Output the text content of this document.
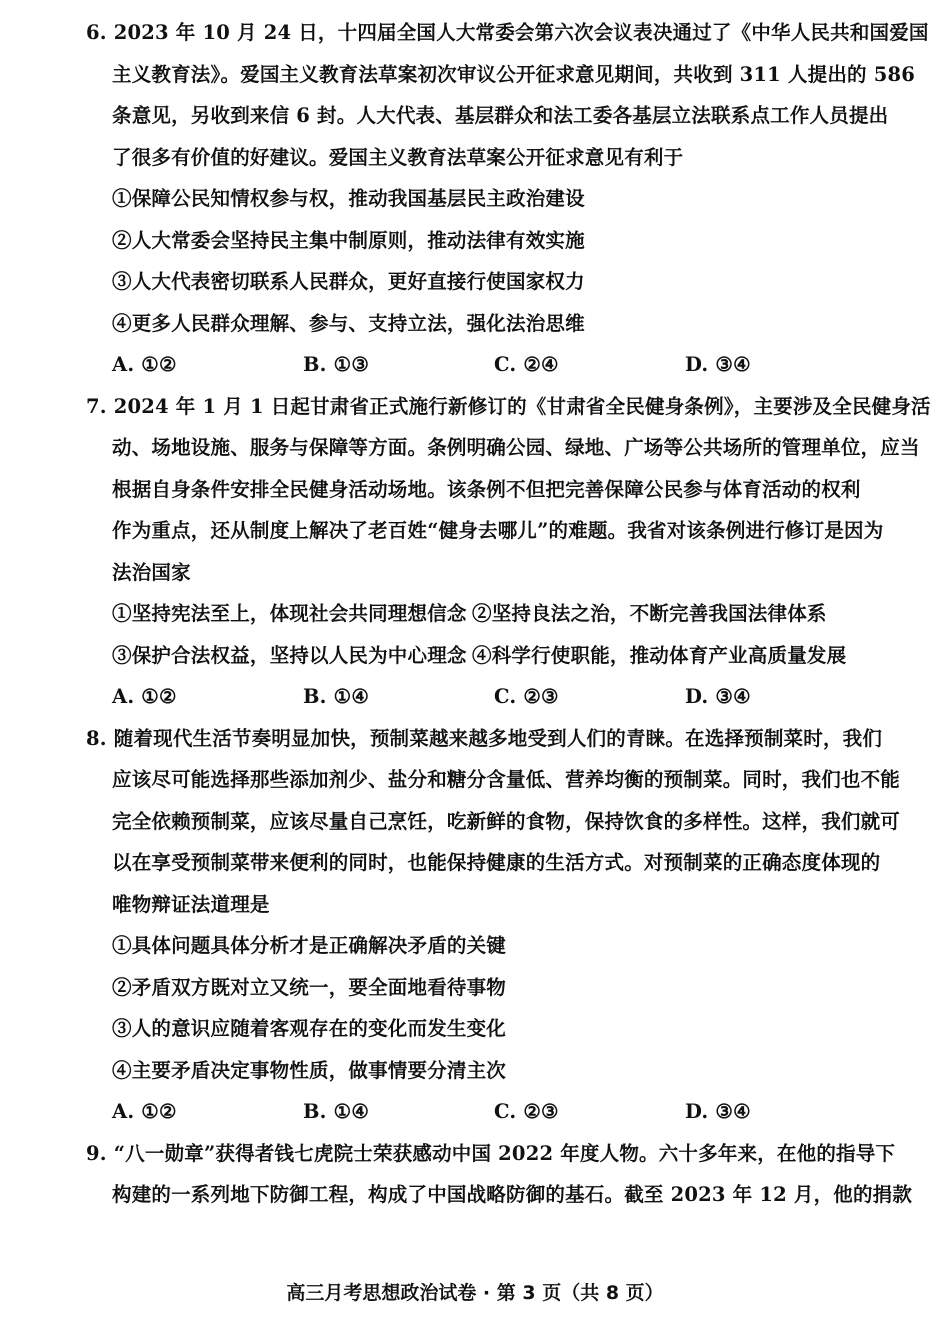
6. 2023 年 10 月 24 日，十四届全国人大常委会第六次会议表决通过了《中华人民共和国爱国
主义教育法》。爱国主义教育法草案初次审议公开征求意见期间，共收到 311 人提出的 586
条意见，另收到来信 6 封。人大代表、基层群众和法工委各基层立法联系点工作人员提出
了很多有价值的好建议。爱国主义教育法草案公开征求意见有利于

①保障公民知情权参与权，推动我国基层民主政治建设

②人大常委会坚持民主集中制原则，推动法律有效实施

③人大代表密切联系人民群众，更好直接行使国家权力

④更多人民群众理解、参与、支持立法，强化法治思维

A. ①②	B. ①③	C. ②④	D. ③④

7. 2024 年 1 月 1 日起甘肃省正式施行新修订的《甘肃省全民健身条例》，主要涉及全民健身活
动、场地设施、服务与保障等方面。条例明确公园、绿地、广场等公共场所的管理单位，应当
根据自身条件安排全民健身活动场地。该条例不但把完善保障公民参与体育活动的权利
作为重点，还从制度上解决了老百姓“健身去哪儿”的难题。我省对该条例进行修订是因为
法治国家

①坚持宪法至上，体现社会共同理想信念 ②坚持良法之治，不断完善我国法律体系
③保护合法权益，坚持以人民为中心理念 ④科学行使职能，推动体育产业高质量发展
A. ①②	B. ①④	C. ②③	D. ③④

8. 随着现代生活节奏明显加快，预制菜越来越多地受到人们的青睐。在选择预制菜时，我们
应该尽可能选择那些添加剂少、盐分和糖分含量低、营养均衡的预制菜。同时，我们也不能
完全依赖预制菜，应该尽量自己烹饪，吃新鲜的食物，保持饮食的多样性。这样，我们就可
以在享受预制菜带来便利的同时，也能保持健康的生活方式。对预制菜的正确态度体现的
唯物辩证法道理是

①具体问题具体分析才是正确解决矛盾的关键

②矛盾双方既对立又统一，要全面地看待事物

③人的意识应随着客观存在的变化而发生变化

④主要矛盾决定事物性质，做事情要分清主次

A. ①②	B. ①④	C. ②③	D. ③④

9. “八一勋章”获得者钱七虎院士荣获感动中国 2022 年度人物。六十多年来，在他的指导下
构建的一系列地下防御工程，构成了中国战略防御的基石。截至 2023 年 12 月，他的捐款

高三月考思想政治试卷 · 第 3 页（共 8 页）
